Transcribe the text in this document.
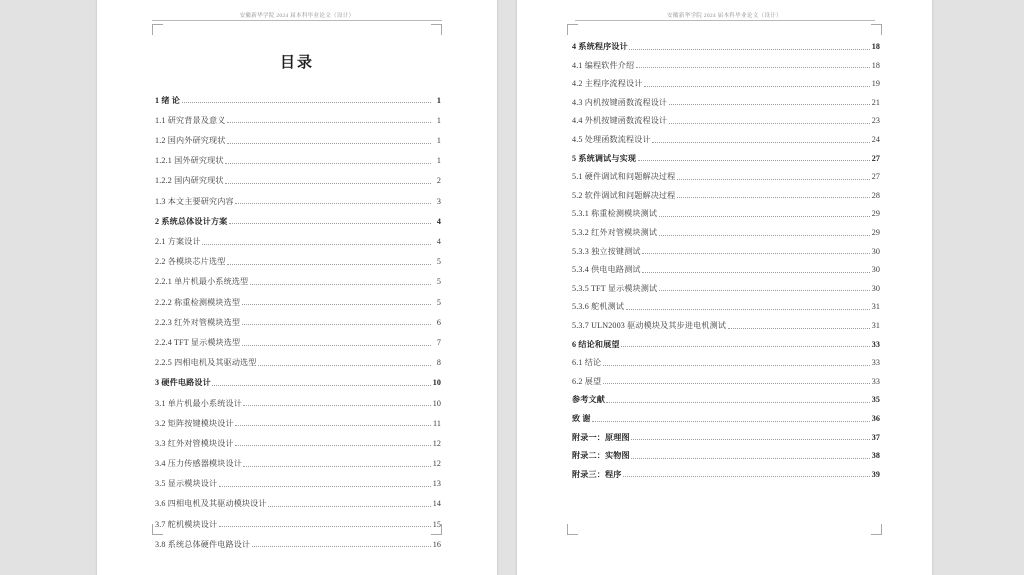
安徽新华学院 2024 届本科毕业论文（设计）
目录
1 绪 论	1
1.1 研究背景及意义	1
1.2 国内外研究现状	1
1.2.1 国外研究现状	1
1.2.2 国内研究现状	2
1.3 本文主要研究内容	3
2 系统总体设计方案	4
2.1 方案设计	4
2.2 各模块芯片选型	5
2.2.1 单片机最小系统选型	5
2.2.2 称重检测模块选型	5
2.2.3 红外对管模块选型	6
2.2.4 TFT 显示模块选型	7
2.2.5 四相电机及其驱动选型	8
3 硬件电路设计	10
3.1 单片机最小系统设计	10
3.2 矩阵按键模块设计	11
3.3 红外对管模块设计	12
3.4 压力传感器模块设计	12
3.5 显示模块设计	13
3.6 四相电机及其驱动模块设计	14
3.7 舵机模块设计	15
3.8 系统总体硬件电路设计	16
安徽新华学院 2024 届本科毕业论文（设计）
4 系统程序设计	18
4.1 编程软件介绍	18
4.2 主程序流程设计	19
4.3 内机按键函数流程设计	21
4.4 外机按键函数流程设计	23
4.5 处理函数流程设计	24
5 系统调试与实现	27
5.1 硬件调试和问题解决过程	27
5.2 软件调试和问题解决过程	28
5.3.1 称重检测模块测试	29
5.3.2 红外对管模块测试	29
5.3.3 独立按键测试	30
5.3.4 供电电路测试	30
5.3.5 TFT 显示模块测试	30
5.3.6 舵机测试	31
5.3.7 ULN2003 驱动模块及其步进电机测试	31
6 结论和展望	33
6.1 结论	33
6.2 展望	33
参考文献	35
致 谢	36
附录一：原理图	37
附录二：实物图	38
附录三：程序	39
